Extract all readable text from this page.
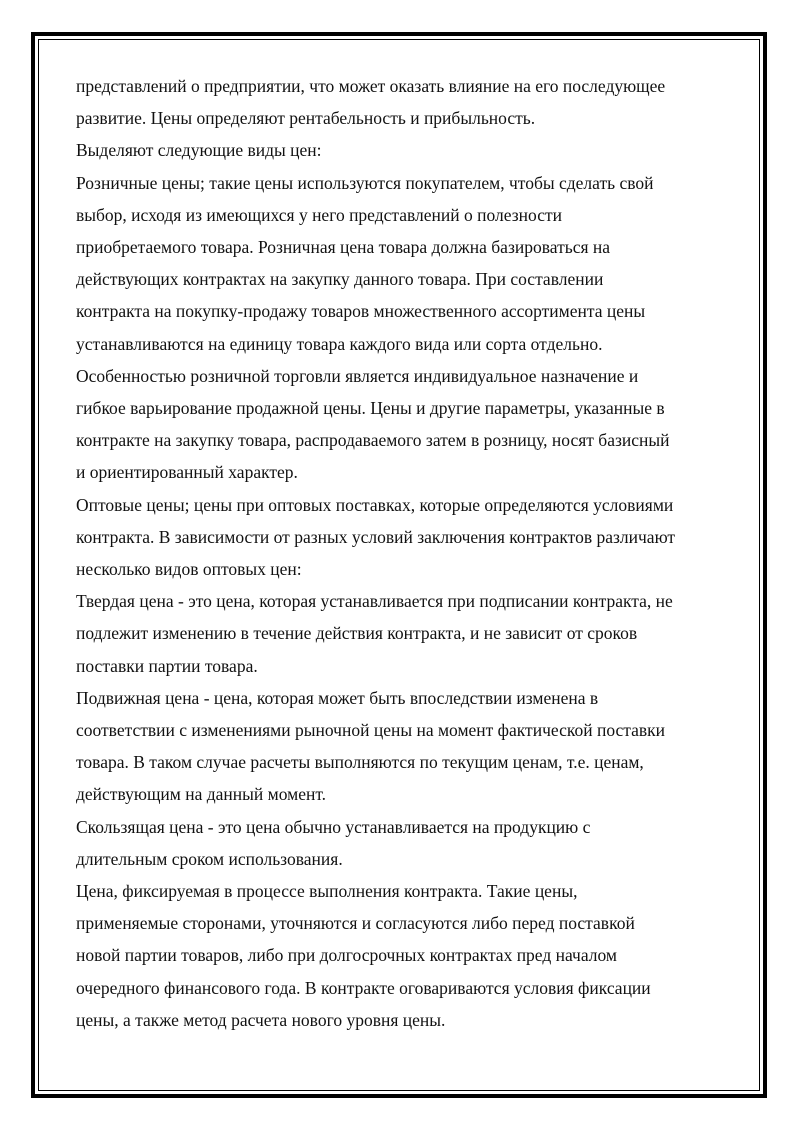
представлений о предприятии, что может оказать влияние на его последующее
развитие. Цены определяют рентабельность и прибыльность.
Выделяют следующие виды цен:
Розничные цены; такие цены используются покупателем, чтобы сделать свой
выбор, исходя из имеющихся у него представлений о полезности
приобретаемого товара. Розничная цена товара должна базироваться на
действующих контрактах на закупку данного товара. При составлении
контракта на покупку-продажу товаров множественного ассортимента цены
устанавливаются на единицу товара каждого вида или сорта отдельно.
Особенностью розничной торговли является индивидуальное назначение и
гибкое варьирование продажной цены. Цены и другие параметры, указанные в
контракте на закупку товара, распродаваемого затем в розницу, носят базисный
и ориентированный характер.
Оптовые цены; цены при оптовых поставках, которые определяются условиями
контракта. В зависимости от разных условий заключения контрактов различают
несколько видов оптовых цен:
Твердая цена - это цена, которая устанавливается при подписании контракта, не
подлежит изменению в течение действия контракта, и не зависит от сроков
поставки партии товара.
Подвижная цена - цена, которая может быть впоследствии изменена в
соответствии с изменениями рыночной цены на момент фактической поставки
товара. В таком случае расчеты выполняются по текущим ценам, т.е. ценам,
действующим на данный момент.
Скользящая цена - это цена обычно устанавливается на продукцию с
длительным сроком использования.
Цена, фиксируемая в процессе выполнения контракта. Такие цены,
применяемые сторонами, уточняются и согласуются либо перед поставкой
новой партии товаров, либо при долгосрочных контрактах пред началом
очередного финансового года. В контракте оговариваются условия фиксации
цены, а также метод расчета нового уровня цены.
